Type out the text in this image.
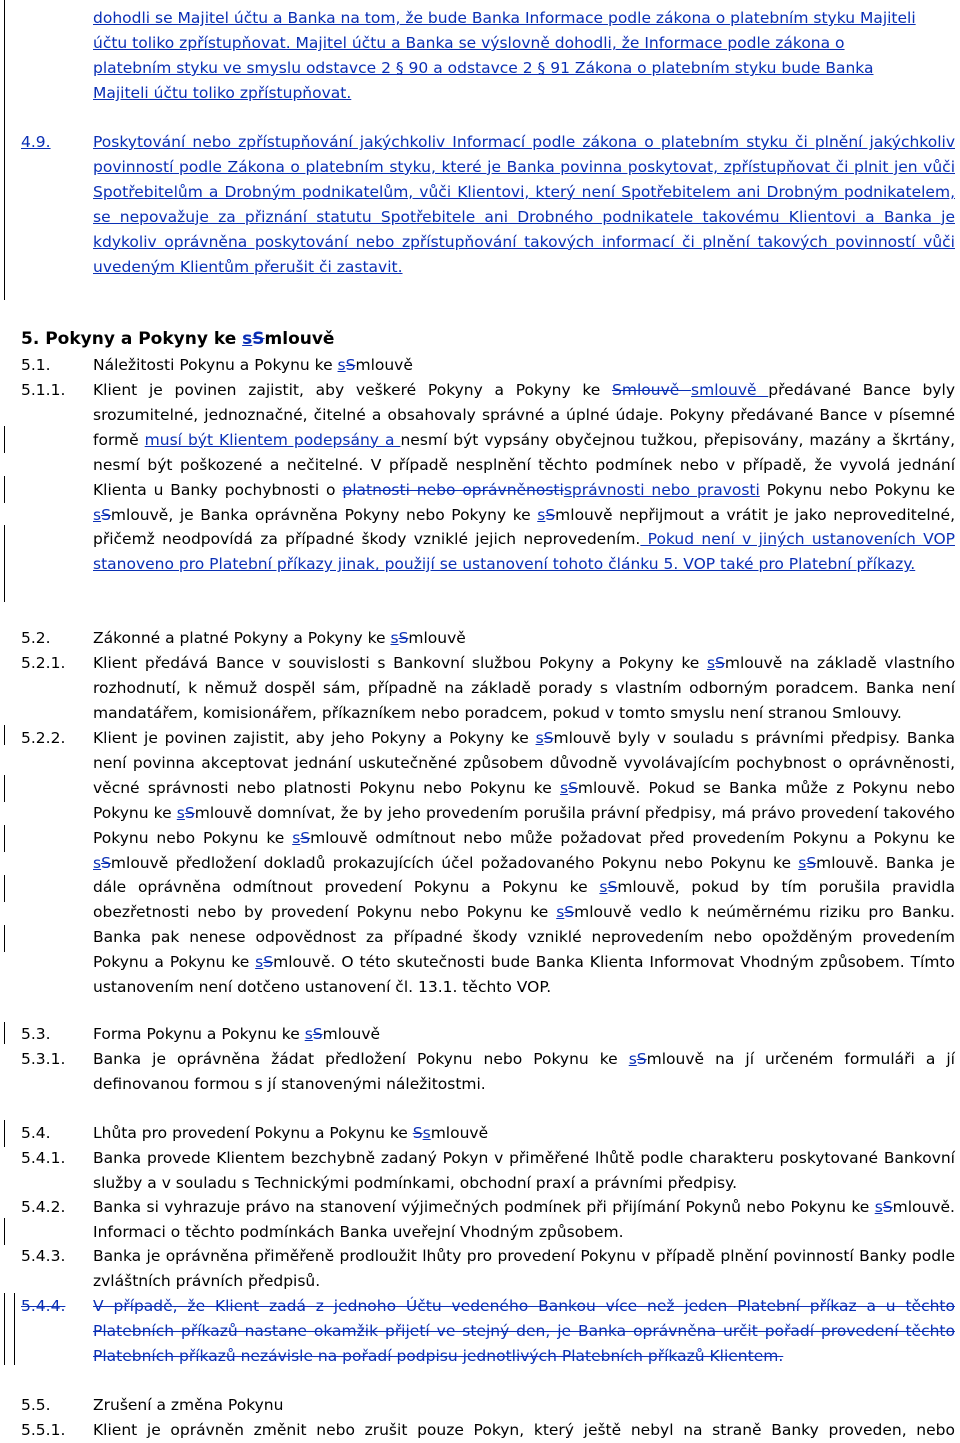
dohodli se Majitel účtu a Banka na tom, že bude Banka Informace podle zákona o platebním styku Majiteli
účtu toliko zpřístupňovat. Majitel účtu a Banka se výslovně dohodli, že Informace podle zákona o
platebním styku ve smyslu odstavce 2 § 90 a odstavce 2 § 91 Zákona o platebním styku bude Banka
Majiteli účtu toliko zpřístupňovat.
4.9.	Poskytování nebo zpřístupňování jakýchkoliv Informací podle zákona o platebním styku či plnění jakýchkoliv povinností podle Zákona o platebním styku, které je Banka povinna poskytovat, zpřístupňovat či plnit jen vůči Spotřebitelům a Drobným podnikatelům, vůči Klientovi, který není Spotřebitelem ani Drobným podnikatelem, se nepovažuje za přiznání statutu Spotřebitele ani Drobného podnikatele takovému Klientovi a Banka je kdykoliv oprávněna poskytování nebo zpřístupňování takových informací či plnění takových povinností vůči uvedeným Klientům přerušit či zastavit.
5. Pokyny a Pokyny ke sSmlouvě
5.1.	Náležitosti Pokynu a Pokynu ke sSmlouvě
5.1.1. Klient je povinen zajistit, aby veškeré Pokyny a Pokyny ke Smlouvě smlouvě předávané Bance byly srozumitelné, jednoznačné, čitelné a obsahovaly správné a úplné údaje. Pokyny předávané Bance v písemné formě musí být Klientem podepsány a nesmí být vypsány obyčejnou tužkou, přepisovány, mazány a škrtány, nesmí být poškozené a nečitelné. V případě nesplnění těchto podmínek nebo v případě, že vyvolá jednání Klienta u Banky pochybnosti o platnosti nebo oprávněnostisprávnosti nebo pravosti Pokynu nebo Pokynu ke sSmlouvě, je Banka oprávněna Pokyny nebo Pokyny ke sSmlouvě nepřijmout a vrátit je jako neproveditelné, přičemž neodpovídá za případné škody vzniklé jejich neprovedením. Pokud není v jiných ustanoveních VOP stanoveno pro Platební příkazy jinak, použijí se ustanovení tohoto článku 5. VOP také pro Platební příkazy.
5.2.	Zákonné a platné Pokyny a Pokyny ke sSmlouvě
5.2.1. Klient předává Bance v souvislosti s Bankovní službou Pokyny a Pokyny ke sSmlouvě na základě vlastního rozhodnutí, k němuž dospěl sám, případně na základě porady s vlastním odborným poradcem. Banka není mandatářem, komisionářem, příkazníkem nebo poradcem, pokud v tomto smyslu není stranou Smlouvy.
5.2.2. Klient je povinen zajistit, aby jeho Pokyny a Pokyny ke sSmlouvě byly v souladu s právními předpisy. Banka není povinna akceptovat jednání uskutečněné způsobem důvodně vyvolávajícím pochybnost o oprávněnosti, věcné správnosti nebo platnosti Pokynu nebo Pokynu ke sSmlouvě. Pokud se Banka může z Pokynu nebo Pokynu ke sSmlouvě domnívat, že by jeho provedením porušila právní předpisy, má právo provedení takového Pokynu nebo Pokynu ke sSmlouvě odmítnout nebo může požadovat před provedením Pokynu a Pokynu ke sSmlouvě předložení dokladů prokazujících účel požadovaného Pokynu nebo Pokynu ke sSmlouvě. Banka je dále oprávněna odmítnout provedení Pokynu a Pokynu ke sSmlouvě, pokud by tím porušila pravidla obezřetnosti nebo by provedení Pokynu nebo Pokynu ke sSmlouvě vedlo k neúměrnému riziku pro Banku. Banka pak nenese odpovědnost za případné škody vzniklé neprovedením nebo opožděným provedením Pokynu a Pokynu ke sSmlouvě. O této skutečnosti bude Banka Klienta Informovat Vhodným způsobem. Tímto ustanovením není dotčeno ustanovení čl. 13.1. těchto VOP.
5.3.	Forma Pokynu a Pokynu ke sSmlouvě
5.3.1. Banka je oprávněna žádat předložení Pokynu nebo Pokynu ke sSmlouvě na jí určeném formuláři a jí definovanou formou s jí stanovenými náležitostmi.
5.4.	Lhůta pro provedení Pokynu a Pokynu ke Ssmlouvě
5.4.1. Banka provede Klientem bezchybně zadaný Pokyn v přiměřené lhůtě podle charakteru poskytované Bankovní služby a v souladu s Technickými podmínkami, obchodní praxí a právními předpisy.
5.4.2. Banka si vyhrazuje právo na stanovení výjimečných podmínek při přijímání Pokynů nebo Pokynu ke sSmlouvě. Informaci o těchto podmínkách Banka uveřejní Vhodným způsobem.
5.4.3. Banka je oprávněna přiměřeně prodloužit lhůty pro provedení Pokynu v případě plnění povinností Banky podle zvláštních právních předpisů.
5.4.4. V případě, že Klient zadá z jednoho Účtu vedeného Bankou více než jeden Platební příkaz a u těchto Platebních příkazů nastane okamžik přijetí ve stejný den, je Banka oprávněna určit pořadí provedení těchto Platebních příkazů nezávisle na pořadí podpisu jednotlivých Platebních příkazů Klientem.
5.5.	Zrušení a změna Pokynu
5.5.1. Klient je oprávněn změnit nebo zrušit pouze Pokyn, který ještě nebyl na straně Banky proveden, nebo
